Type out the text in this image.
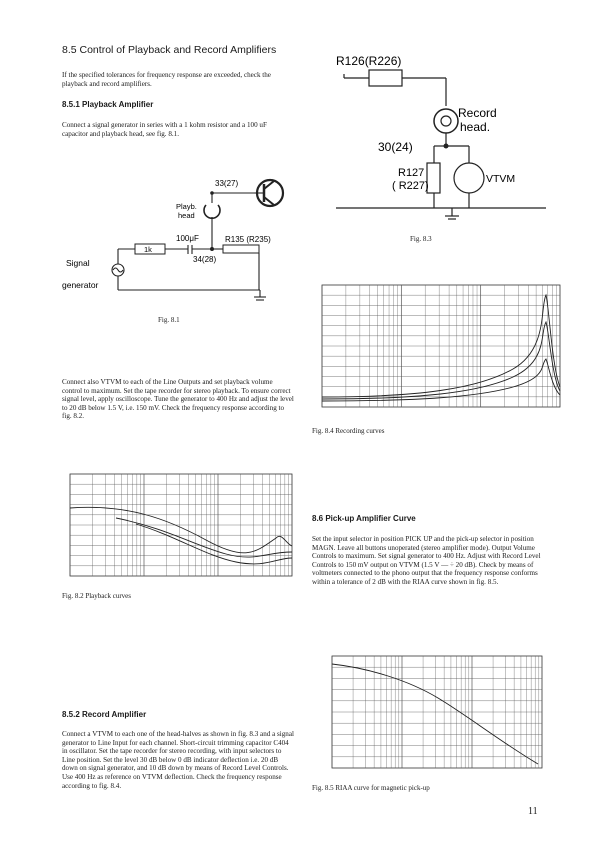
8.5 Control of Playback and Record Amplifiers
If the specified tolerances for frequency response are exceeded, check the playback and record amplifiers.
8.5.1 Playback Amplifier
Connect a signal generator in series with a 1 kohm resistor and a 100 uF capacitor and playback head, see fig. 8.1.
33(27)
Playb.
head
100μF	R135 (R235)
1k
34(28)
Signal
generator
Fig. 8.1
Connect also VTVM to each of the Line Outputs and set playback volume control to maximum. Set the tape recorder for stereo playback. To ensure correct signal level, apply oscilloscope. Tune the generator to 400 Hz and adjust the level to 20 dB below 1.5 V, i.e. 150 mV. Check the frequency response according to fig. 8.2.
Fig. 8.2 Playback curves
8.5.2 Record Amplifier
Connect a VTVM to each one of the head-halves as shown in fig. 8.3 and a signal generator to Line Input for each channel. Short-circuit trimming capacitor C404 in oscillator. Set the tape recorder for stereo recording, with input selectors to Line position. Set the level 30 dB below 0 dB indicator deflection i.e. 20 dB down on signal generator, and 10 dB down by means of Record Level Controls. Use 400 Hz as reference on VTVM deflection. Check the frequency response according to fig. 8.4.
R126(R226)
Record
head.
30(24)
R127
( R227)
VTVM
Fig. 8.3
Fig. 8.4 Recording curves
8.6 Pick-up Amplifier Curve
Set the input selector in position PICK UP and the pick-up selector in position MAGN. Leave all buttons unoperated (stereo amplifier mode). Output Volume Controls to maximum. Set signal generator to 400 Hz. Adjust with Record Level Controls to 150 mV output on VTVM (1.5 V — ÷ 20 dB). Check by means of voltmeters connected to the phono output that the frequency response conforms within a tolerance of 2 dB with the RIAA curve shown in fig. 8.5.
Fig. 8.5 RIAA curve for magnetic pick-up
11
